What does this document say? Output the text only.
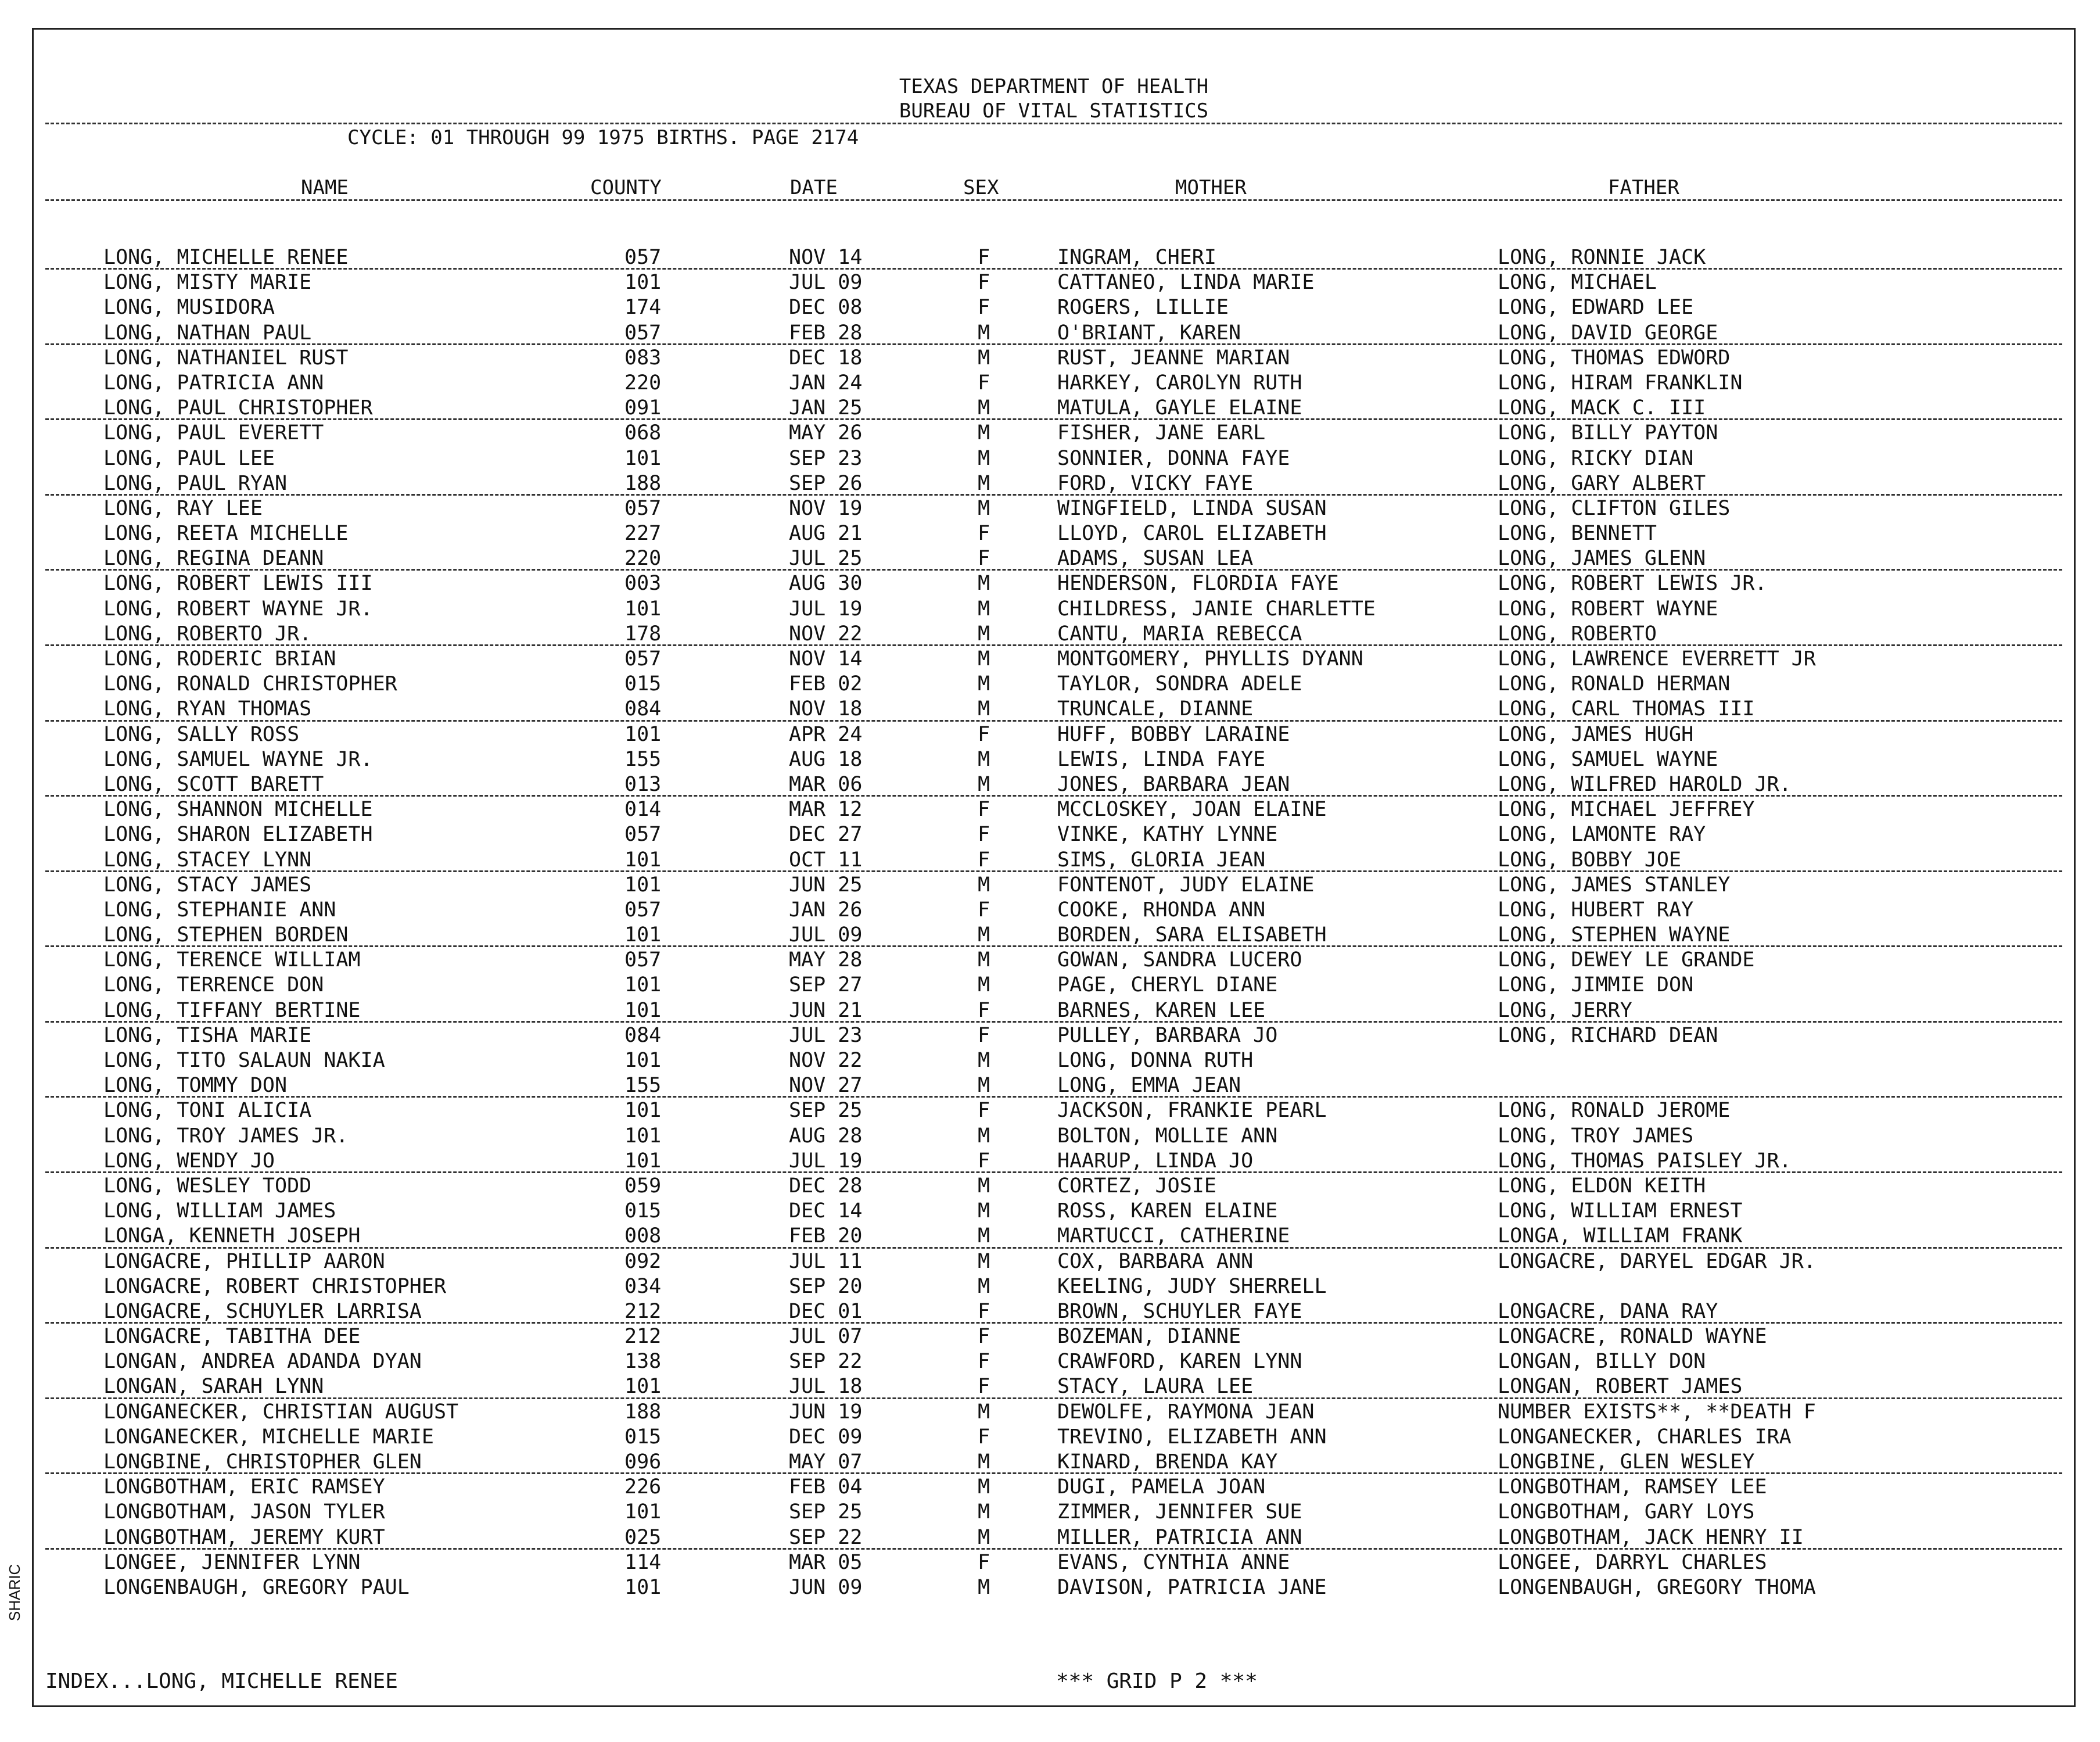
TEXAS DEPARTMENT OF HEALTH
BUREAU OF VITAL STATISTICS
CYCLE: 01 THROUGH 99 1975 BIRTHS. PAGE 2174
NAME	COUNTY	DATE	SEX	MOTHER	FATHER
LONG, MICHELLE RENEE	057	NOV 14	F	INGRAM, CHERI	LONG, RONNIE JACK
LONG, MISTY MARIE	101	JUL 09	F	CATTANEO, LINDA MARIE	LONG, MICHAEL
LONG, MUSIDORA	174	DEC 08	F	ROGERS, LILLIE	LONG, EDWARD LEE
LONG, NATHAN PAUL	057	FEB 28	M	O'BRIANT, KAREN	LONG, DAVID GEORGE
LONG, NATHANIEL RUST	083	DEC 18	M	RUST, JEANNE MARIAN	LONG, THOMAS EDWORD
LONG, PATRICIA ANN	220	JAN 24	F	HARKEY, CAROLYN RUTH	LONG, HIRAM FRANKLIN
LONG, PAUL CHRISTOPHER	091	JAN 25	M	MATULA, GAYLE ELAINE	LONG, MACK C. III
LONG, PAUL EVERETT	068	MAY 26	M	FISHER, JANE EARL	LONG, BILLY PAYTON
LONG, PAUL LEE	101	SEP 23	M	SONNIER, DONNA FAYE	LONG, RICKY DIAN
LONG, PAUL RYAN	188	SEP 26	M	FORD, VICKY FAYE	LONG, GARY ALBERT
LONG, RAY LEE	057	NOV 19	M	WINGFIELD, LINDA SUSAN	LONG, CLIFTON GILES
LONG, REETA MICHELLE	227	AUG 21	F	LLOYD, CAROL ELIZABETH	LONG, BENNETT
LONG, REGINA DEANN	220	JUL 25	F	ADAMS, SUSAN LEA	LONG, JAMES GLENN
LONG, ROBERT LEWIS III	003	AUG 30	M	HENDERSON, FLORDIA FAYE	LONG, ROBERT LEWIS JR.
LONG, ROBERT WAYNE JR.	101	JUL 19	M	CHILDRESS, JANIE CHARLETTE	LONG, ROBERT WAYNE
LONG, ROBERTO JR.	178	NOV 22	M	CANTU, MARIA REBECCA	LONG, ROBERTO
LONG, RODERIC BRIAN	057	NOV 14	M	MONTGOMERY, PHYLLIS DYANN	LONG, LAWRENCE EVERRETT JR
LONG, RONALD CHRISTOPHER	015	FEB 02	M	TAYLOR, SONDRA ADELE	LONG, RONALD HERMAN
LONG, RYAN THOMAS	084	NOV 18	M	TRUNCALE, DIANNE	LONG, CARL THOMAS III
LONG, SALLY ROSS	101	APR 24	F	HUFF, BOBBY LARAINE	LONG, JAMES HUGH
LONG, SAMUEL WAYNE JR.	155	AUG 18	M	LEWIS, LINDA FAYE	LONG, SAMUEL WAYNE
LONG, SCOTT BARETT	013	MAR 06	M	JONES, BARBARA JEAN	LONG, WILFRED HAROLD JR.
LONG, SHANNON MICHELLE	014	MAR 12	F	MCCLOSKEY, JOAN ELAINE	LONG, MICHAEL JEFFREY
LONG, SHARON ELIZABETH	057	DEC 27	F	VINKE, KATHY LYNNE	LONG, LAMONTE RAY
LONG, STACEY LYNN	101	OCT 11	F	SIMS, GLORIA JEAN	LONG, BOBBY JOE
LONG, STACY JAMES	101	JUN 25	M	FONTENOT, JUDY ELAINE	LONG, JAMES STANLEY
LONG, STEPHANIE ANN	057	JAN 26	F	COOKE, RHONDA ANN	LONG, HUBERT RAY
LONG, STEPHEN BORDEN	101	JUL 09	M	BORDEN, SARA ELISABETH	LONG, STEPHEN WAYNE
LONG, TERENCE WILLIAM	057	MAY 28	M	GOWAN, SANDRA LUCERO	LONG, DEWEY LE GRANDE
LONG, TERRENCE DON	101	SEP 27	M	PAGE, CHERYL DIANE	LONG, JIMMIE DON
LONG, TIFFANY BERTINE	101	JUN 21	F	BARNES, KAREN LEE	LONG, JERRY
LONG, TISHA MARIE	084	JUL 23	F	PULLEY, BARBARA JO	LONG, RICHARD DEAN
LONG, TITO SALAUN NAKIA	101	NOV 22	M	LONG, DONNA RUTH
LONG, TOMMY DON	155	NOV 27	M	LONG, EMMA JEAN
LONG, TONI ALICIA	101	SEP 25	F	JACKSON, FRANKIE PEARL	LONG, RONALD JEROME
LONG, TROY JAMES JR.	101	AUG 28	M	BOLTON, MOLLIE ANN	LONG, TROY JAMES
LONG, WENDY JO	101	JUL 19	F	HAARUP, LINDA JO	LONG, THOMAS PAISLEY JR.
LONG, WESLEY TODD	059	DEC 28	M	CORTEZ, JOSIE	LONG, ELDON KEITH
LONG, WILLIAM JAMES	015	DEC 14	M	ROSS, KAREN ELAINE	LONG, WILLIAM ERNEST
LONGA, KENNETH JOSEPH	008	FEB 20	M	MARTUCCI, CATHERINE	LONGA, WILLIAM FRANK
LONGACRE, PHILLIP AARON	092	JUL 11	M	COX, BARBARA ANN	LONGACRE, DARYEL EDGAR JR.
LONGACRE, ROBERT CHRISTOPHER	034	SEP 20	M	KEELING, JUDY SHERRELL
LONGACRE, SCHUYLER LARRISA	212	DEC 01	F	BROWN, SCHUYLER FAYE	LONGACRE, DANA RAY
LONGACRE, TABITHA DEE	212	JUL 07	F	BOZEMAN, DIANNE	LONGACRE, RONALD WAYNE
LONGAN, ANDREA ADANDA DYAN	138	SEP 22	F	CRAWFORD, KAREN LYNN	LONGAN, BILLY DON
LONGAN, SARAH LYNN	101	JUL 18	F	STACY, LAURA LEE	LONGAN, ROBERT JAMES
LONGANECKER, CHRISTIAN AUGUST	188	JUN 19	M	DEWOLFE, RAYMONA JEAN	NUMBER EXISTS**, **DEATH F
LONGANECKER, MICHELLE MARIE	015	DEC 09	F	TREVINO, ELIZABETH ANN	LONGANECKER, CHARLES IRA
LONGBINE, CHRISTOPHER GLEN	096	MAY 07	M	KINARD, BRENDA KAY	LONGBINE, GLEN WESLEY
LONGBOTHAM, ERIC RAMSEY	226	FEB 04	M	DUGI, PAMELA JOAN	LONGBOTHAM, RAMSEY LEE
LONGBOTHAM, JASON TYLER	101	SEP 25	M	ZIMMER, JENNIFER SUE	LONGBOTHAM, GARY LOYS
LONGBOTHAM, JEREMY KURT	025	SEP 22	M	MILLER, PATRICIA ANN	LONGBOTHAM, JACK HENRY II
LONGEE, JENNIFER LYNN	114	MAR 05	F	EVANS, CYNTHIA ANNE	LONGEE, DARRYL CHARLES
LONGENBAUGH, GREGORY PAUL	101	JUN 09	M	DAVISON, PATRICIA JANE	LONGENBAUGH, GREGORY THOMA
INDEX...LONG, MICHELLE RENEE	*** GRID P 2 ***
SHARIC
